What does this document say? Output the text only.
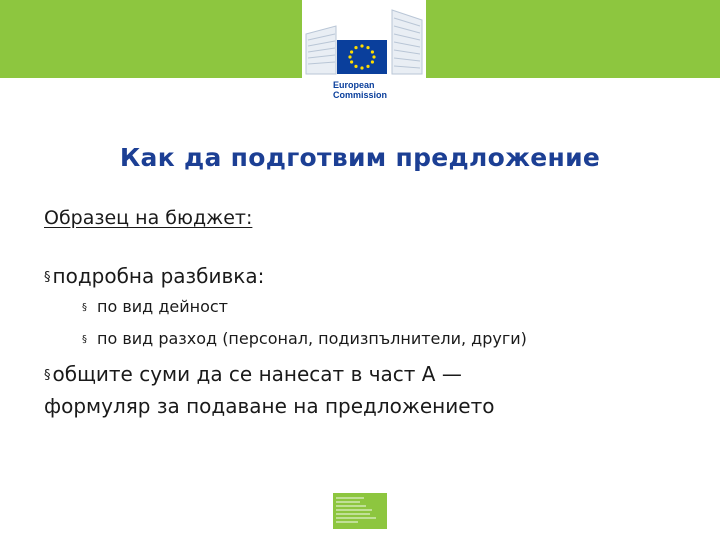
European
Commission
Как да подготвим предложение
Образец на бюджет:
§ подробна разбивка:
§ по вид дейност
§ по вид разход (персонал, подизпълнители, други)
§ общите суми да се нанесат в част А —
формуляр за подаване на предложението
